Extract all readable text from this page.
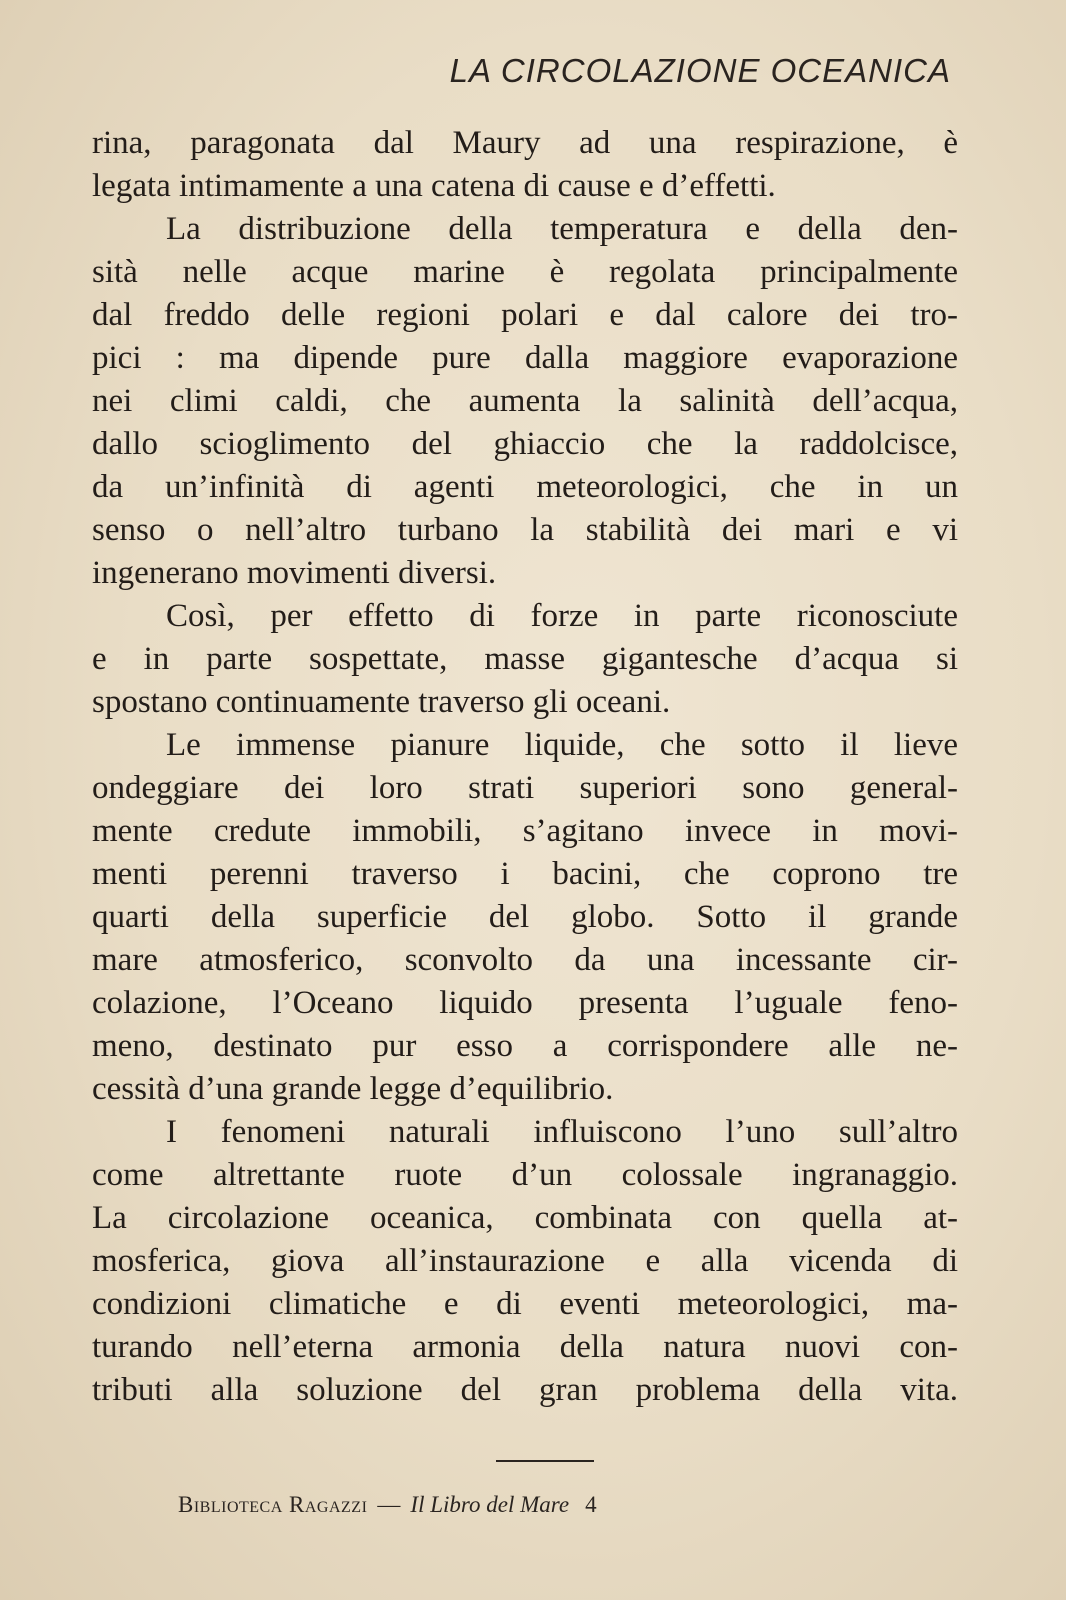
LA CIRCOLAZIONE OCEANICA
rina, paragonata dal Maury ad una respirazione, è
legata intimamente a una catena di cause e d’effetti.
La distribuzione della temperatura e della den-
sità nelle acque marine è regolata principalmente
dal freddo delle regioni polari e dal calore dei tro-
pici : ma dipende pure dalla maggiore evaporazione
nei climi caldi, che aumenta la salinità dell’acqua,
dallo scioglimento del ghiaccio che la raddolcisce,
da un’infinità di agenti meteorologici, che in un
senso o nell’altro turbano la stabilità dei mari e vi
ingenerano movimenti diversi.
Così, per effetto di forze in parte riconosciute
e in parte sospettate, masse gigantesche d’acqua si
spostano continuamente traverso gli oceani.
Le immense pianure liquide, che sotto il lieve
ondeggiare dei loro strati superiori sono general-
mente credute immobili, s’agitano invece in movi-
menti perenni traverso i bacini, che coprono tre
quarti della superficie del globo. Sotto il grande
mare atmosferico, sconvolto da una incessante cir-
colazione, l’Oceano liquido presenta l’uguale feno-
meno, destinato pur esso a corrispondere alle ne-
cessità d’una grande legge d’equilibrio.
I fenomeni naturali influiscono l’uno sull’altro
come altrettante ruote d’un colossale ingranaggio.
La circolazione oceanica, combinata con quella at-
mosferica, giova all’instaurazione e alla vicenda di
condizioni climatiche e di eventi meteorologici, ma-
turando nell’eterna armonia della natura nuovi con-
tributi alla soluzione del gran problema della vita.
Biblioteca Ragazzi — Il Libro del Mare 4
